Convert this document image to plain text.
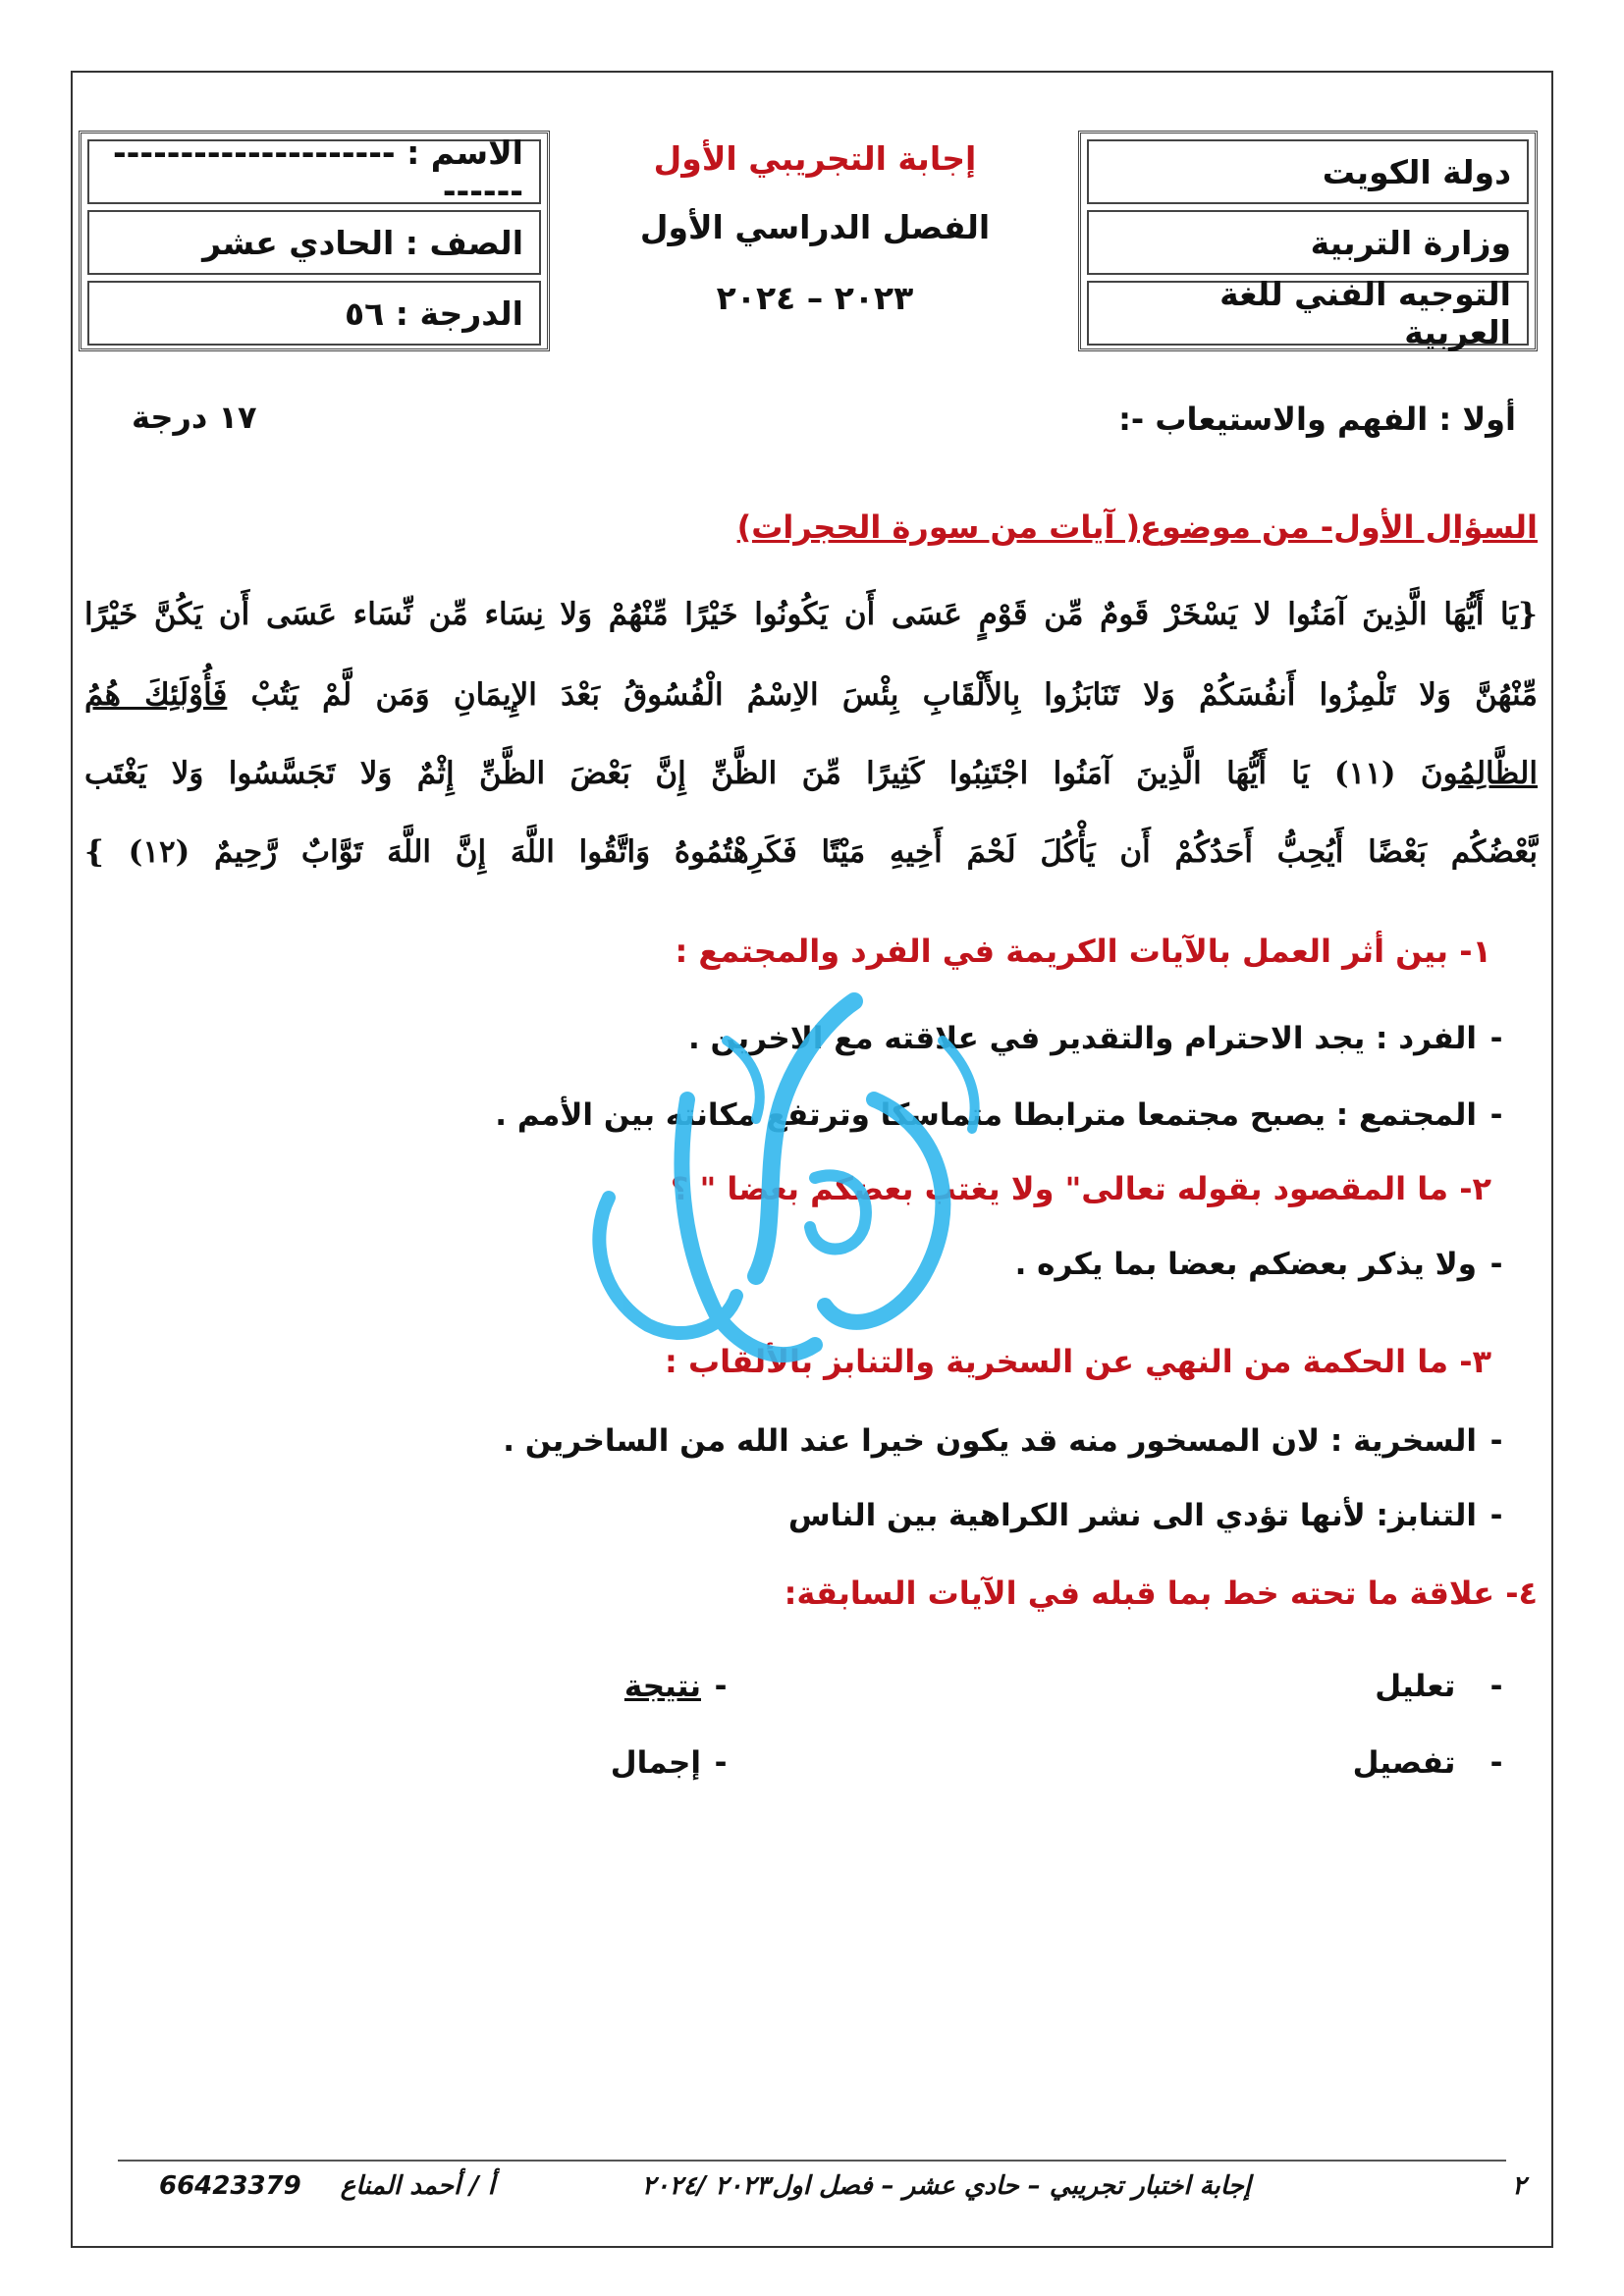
دولة الكويت
وزارة التربية
التوجيه الفني للغة العربية
إجابة التجريبي الأول
الفصل الدراسي الأول
٢٠٢٣ – ٢٠٢٤
الاسم : ---------------------------
الصف : الحادي عشر
الدرجة : ٥٦
أولا : الفهم والاستيعاب -:
١٧ درجة
السؤال الأول- من موضوع( آيات من سورة الحجرات)
{يَا أَيُّهَا الَّذِينَ آمَنُوا لا يَسْخَرْ قَومٌ مِّن قَوْمٍ عَسَى أَن يَكُونُوا خَيْرًا مِّنْهُمْ وَلا نِسَاء مِّن نِّسَاء عَسَى أَن يَكُنَّ خَيْرًا
مِّنْهُنَّ وَلا تَلْمِزُوا أَنفُسَكُمْ وَلا تَنَابَزُوا بِالأَلْقَابِ بِئْسَ الاِسْمُ الْفُسُوقُ بَعْدَ الإِيمَانِ وَمَن لَّمْ يَتُبْ فَأُوْلَئِكَ هُمُ
الظَّالِمُونَ (١١) يَا أَيُّهَا الَّذِينَ آمَنُوا اجْتَنِبُوا كَثِيرًا مِّنَ الظَّنِّ إِنَّ بَعْضَ الظَّنِّ إِثْمٌ وَلا تَجَسَّسُوا وَلا يَغْتَب
بَّعْضُكُم بَعْضًا أَيُحِبُّ أَحَدُكُمْ أَن يَأْكُلَ لَحْمَ أَخِيهِ مَيْتًا فَكَرِهْتُمُوهُ وَاتَّقُوا اللَّهَ إِنَّ اللَّهَ تَوَّابٌ رَّحِيمٌ (١٢) }
١- بين أثر العمل بالآيات الكريمة في الفرد والمجتمع :
-الفرد : يجد الاحترام والتقدير في علاقته مع الاخرين .
-المجتمع : يصبح مجتمعا مترابطا متماسكا وترتفع مكانته بين الأمم .
٢- ما المقصود بقوله تعالى" ولا يغتب بعضكم بعضا " ؟
-ولا يذكر بعضكم بعضا بما يكره .
٣- ما الحكمة من النهي عن السخرية والتنابز بالألقاب :
-السخرية : لان المسخور منه قد يكون خيرا عند الله من الساخرين .
-التنابز: لأنها تؤدي الى نشر الكراهية بين الناس
٤- علاقة ما تحته خط بما قبله في الآيات السابقة:
-  تعليل
-نتيجة
-  تفصيل
-إجمال
٢
إجابة اختبار تجريبي – حادي عشر – فصل اول
٢٠٢٣ /٢٠٢٤
أ / أحمد المناع
66423379
